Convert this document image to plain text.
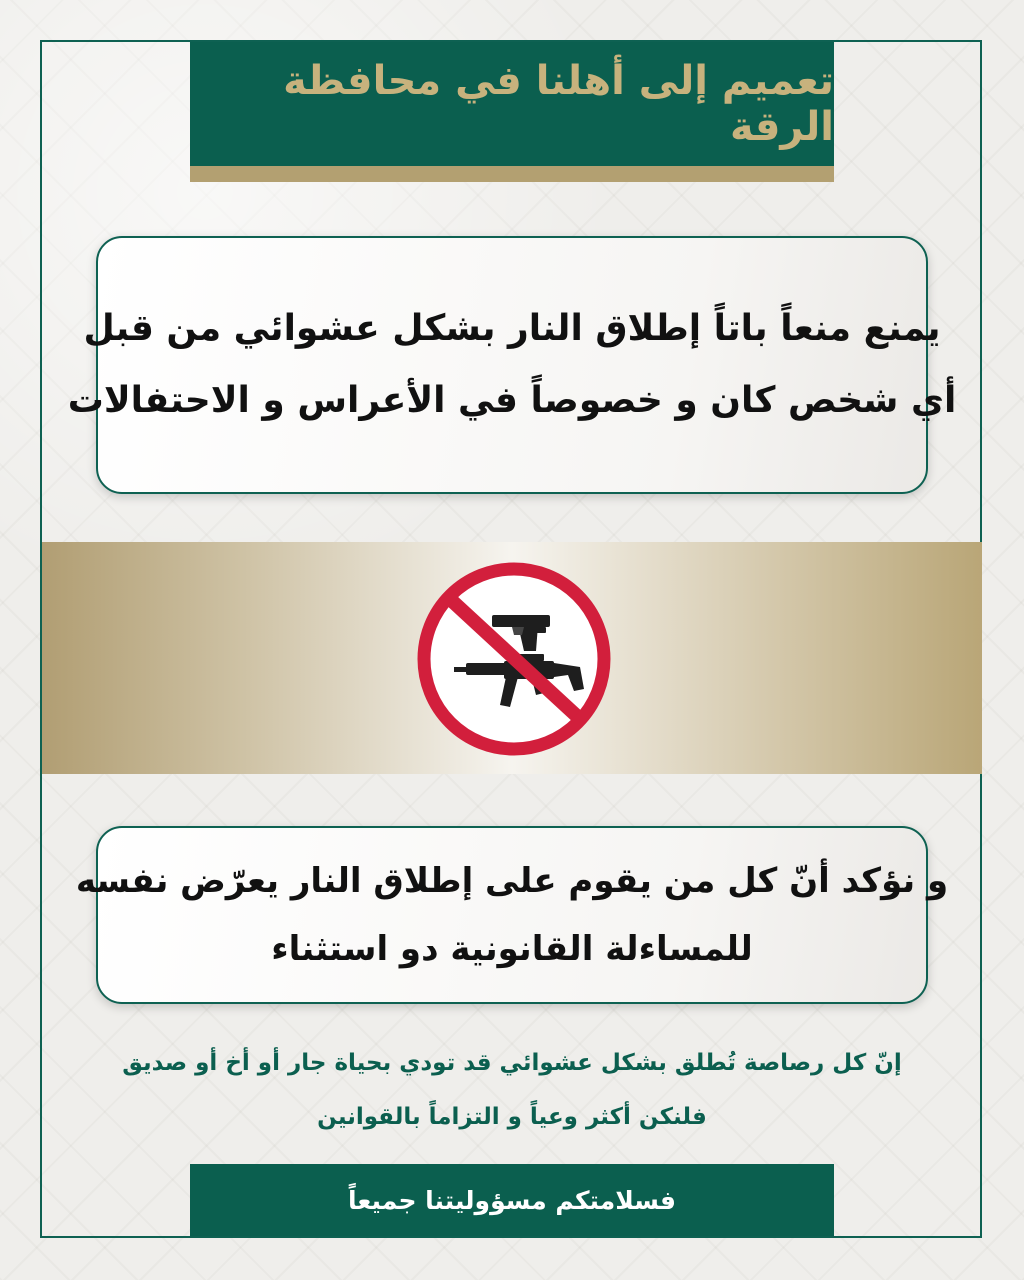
تعميم إلى أهلنا في محافظة الرقة
يمنع منعاً باتاً إطلاق النار بشكل عشوائي من قبل
أي شخص كان و خصوصاً في الأعراس و الاحتفالات
و نؤكد أنّ كل من يقوم على إطلاق النار يعرّض نفسه
للمساءلة القانونية دو استثناء
إنّ كل رصاصة تُطلق بشكل عشوائي قد تودي بحياة جار أو أخ أو صديق
فلنكن أكثر وعياً و التزاماً بالقوانين
فسلامتكم مسؤوليتنا جميعاً
